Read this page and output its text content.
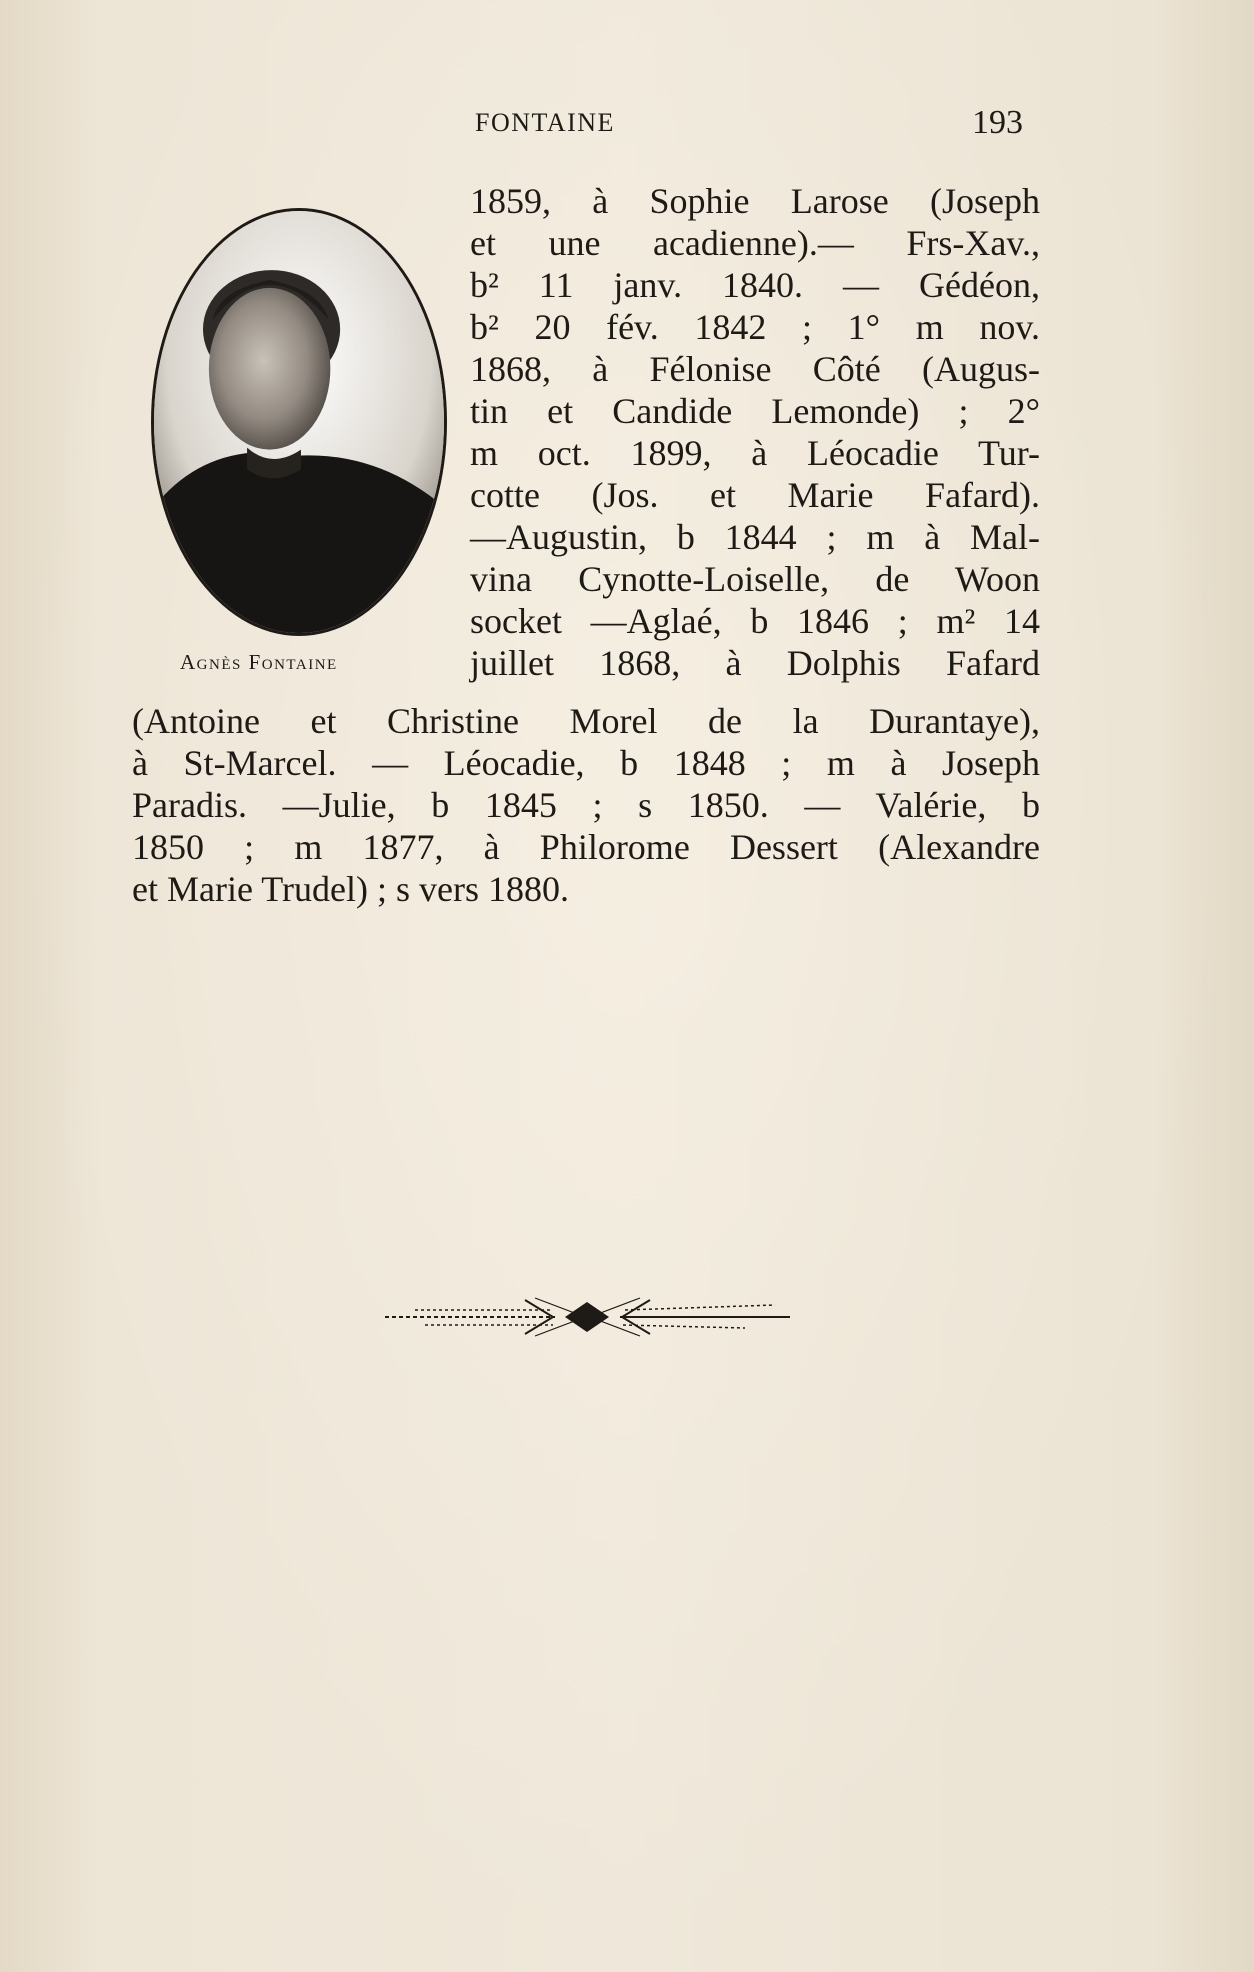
FONTAINE	193
Agnès Fontaine
1859, à Sophie Larose (Joseph
et une acadienne).— Frs-Xav.,
b² 11 janv. 1840. — Gédéon,
b² 20 fév. 1842 ; 1° m nov.
1868, à Félonise Côté (Augus-
tin et Candide Lemonde) ; 2°
m oct. 1899, à Léocadie Tur-
cotte (Jos. et Marie Fafard).
—Augustin, b 1844 ; m à Mal-
vina Cynotte-Loiselle, de Woon
socket —Aglaé, b 1846 ; m² 14
juillet 1868, à Dolphis Fafard
(Antoine et Christine Morel de la Durantaye),
à St-Marcel. — Léocadie, b 1848 ; m à Joseph
Paradis. —Julie, b 1845 ; s 1850. — Valérie, b
1850 ; m 1877, à Philorome Dessert (Alexandre
et Marie Trudel) ; s vers 1880.
